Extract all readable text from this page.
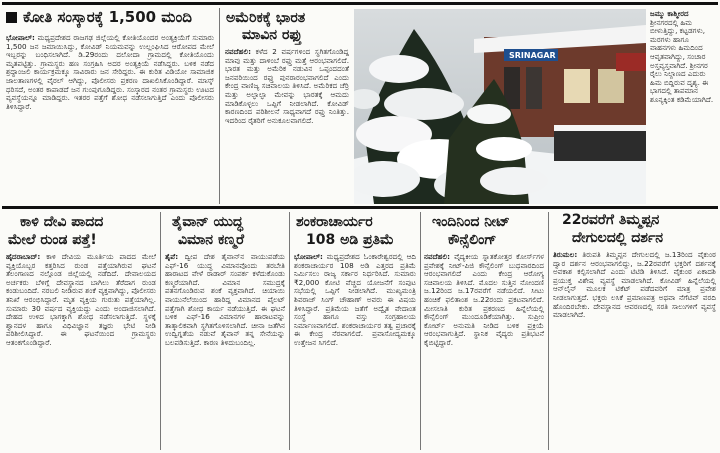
ಕೋತಿ ಸಂಸ್ಕಾರಕ್ಕೆ 1,500 ಮಂದಿ
ಭೋಪಾಲ್: ಮಧ್ಯಪ್ರದೇಶದ ರಾಜಗಢ ಜಿಲ್ಲೆಯಲ್ಲಿ ಕೋತಿಯೊಂದರ ಅಂತ್ಯಕ್ರಿಯೆಗೆ ಸುಮಾರು 1,500 ಜನ ಜಮಾಯಿಸಿದ್ದು, ಕೋವಿಡ್ ನಿಯಮವನ್ನು ಉಲ್ಲಂಘಿಸಿದ ಆರೋಪದ ಮೇಲೆ ಇಬ್ಬರನ್ನು ಬಂಧಿಸಲಾಗಿದೆ. ಡಿ.29ರಂದು ದಲೋದಾ ಗ್ರಾಮದಲ್ಲಿ ಕೋತಿಯೊಂದು ಮೃತಪಟ್ಟಿತ್ತು. ಗ್ರಾಮಸ್ಥರು ಹಣ ಸಂಗ್ರಹಿಸಿ ಅದರ ಅಂತ್ಯಕ್ರಿಯೆ ನಡೆಸಿದ್ದರು. ಬಳಿಕ ನಡೆದ ಶ್ರದ್ಧಾಂಜಲಿ ಕಾರ್ಯಕ್ರಮಕ್ಕೂ ಸಾವಿರಾರು ಜನ ಸೇರಿದ್ದರು. ಈ ಕುರಿತ ವಿಡಿಯೋ ಸಾಮಾಜಿಕ ಜಾಲತಾಣಗಳಲ್ಲಿ ವೈರಲ್ ಆಗಿದ್ದು, ಪೊಲೀಸರು ಪ್ರಕರಣ ದಾಖಲಿಸಿಕೊಂಡಿದ್ದಾರೆ. ಮಾಸ್ಕ್ ಧರಿಸದೆ, ಅಂತರ ಕಾಪಾಡದೆ ಜನ ಗುಂಪುಗೂಡಿದ್ದರು. ಸಂಸ್ಕಾರದ ನಂತರ ಗ್ರಾಮಸ್ಥರು ಊಟದ ವ್ಯವಸ್ಥೆಯನ್ನೂ ಮಾಡಿದ್ದರು. ಇತರರ ಪತ್ತೆಗೆ ಶೋಧ ನಡೆಸಲಾಗುತ್ತಿದೆ ಎಂದು ಪೊಲೀಸರು ತಿಳಿಸಿದ್ದಾರೆ.
ಅಮೆರಿಕಕ್ಕೆ ಭಾರತ
ಮಾವಿನ ರಫ್ತು
ನವದೆಹಲಿ: ಕಳೆದ 2 ವರ್ಷಗಳಿಂದ ಸ್ಥಗಿತಗೊಂಡಿದ್ದ ಮಾವು ಮತ್ತು ದಾಳಿಂಬೆ ರಫ್ತು ಮತ್ತೆ ಆರಂಭವಾಗಲಿದೆ. ಭಾರತ ಮತ್ತು ಅಮೆರಿಕ ನಡುವಿನ ಒಪ್ಪಂದದಂತೆ ಜನವರಿಯಿಂದ ರಫ್ತು ಪುನರಾರಂಭವಾಗಲಿದೆ ಎಂದು ಕೇಂದ್ರ ವಾಣಿಜ್ಯ ಸಚಿವಾಲಯ ತಿಳಿಸಿದೆ. ಅಮೆರಿಕದ ಚೆರ್ರಿ ಮತ್ತು ಅಲ್ಫಾಲ್ಫಾ ಮೇವನ್ನು ಭಾರತಕ್ಕೆ ಆಮದು ಮಾಡಿಕೊಳ್ಳಲು ಒಪ್ಪಿಗೆ ನೀಡಲಾಗಿದೆ. ಕೋವಿಡ್ ಕಾರಣದಿಂದ ಪರಿಶೀಲನೆ ಸಾಧ್ಯವಾಗದೆ ರಫ್ತು ನಿಂತಿತ್ತು. ಇದರಿಂದ ರೈತರಿಗೆ ಅನುಕೂಲವಾಗಲಿದೆ.
SRINAGAR
ಜಮ್ಮು ಕಾಶ್ಮೀರದ ಶ್ರೀನಗರದಲ್ಲಿ ಹಿಮ ಬೀಳುತ್ತಿದ್ದು, ಕಟ್ಟಡಗಳು, ಮರಗಳು ಹಾಗೂ ವಾಹನಗಳು ಹಿಮದಿಂದ ಆವೃತವಾಗಿದ್ದು, ಸಂಚಾರ ಅಸ್ತವ್ಯಸ್ತವಾಗಿದೆ. ಶ್ರೀನಗರ ರೈಲು ನಿಲ್ದಾಣದ ಎದುರು ಹಿಮ ಬಿದ್ದಿರುವ ದೃಶ್ಯ. ಈ ಭಾಗದಲ್ಲಿ ತಾಪಮಾನ ಶೂನ್ಯಕ್ಕಿಂತ ಕಡಿಮೆಯಾಗಿದೆ.
ಕಾಳಿ ದೇವಿ ಪಾದದ
ಮೇಲೆ ರುಂಡ ಪತ್ತೆ!
ಹೈದರಾಬಾದ್: ಕಾಳಿ ದೇವಿಯ ಮೂರ್ತಿಯ ಪಾದದ ಮೇಲೆ ವ್ಯಕ್ತಿಯೊಬ್ಬರ ಕತ್ತರಿಸಿದ ರುಂಡ ಪತ್ತೆಯಾಗಿರುವ ಘಟನೆ ತೆಲಂಗಾಣದ ನಲ್ಗೊಂಡ ಜಿಲ್ಲೆಯಲ್ಲಿ ನಡೆದಿದೆ. ದೇವಾಲಯದ ಅರ್ಚಕರು ಬೆಳಿಗ್ಗೆ ದೇವಸ್ಥಾನದ ಬಾಗಿಲು ತೆರೆದಾಗ ರುಂಡ ಕಂಡುಬಂದಿದೆ. ನರಬಲಿ ನೀಡಿರುವ ಶಂಕೆ ವ್ಯಕ್ತವಾಗಿದ್ದು, ಪೊಲೀಸರು ತನಿಖೆ ಆರಂಭಿಸಿದ್ದಾರೆ. ಮೃತ ವ್ಯಕ್ತಿಯ ಗುರುತು ಪತ್ತೆಯಾಗಿಲ್ಲ. ಸುಮಾರು 30 ವರ್ಷದ ವ್ಯಕ್ತಿಯದ್ದು ಎಂದು ಅಂದಾಜಿಸಲಾಗಿದೆ. ದೇಹದ ಉಳಿದ ಭಾಗಕ್ಕಾಗಿ ಶೋಧ ನಡೆಸಲಾಗುತ್ತಿದೆ. ಸ್ಥಳಕ್ಕೆ ಶ್ವಾನದಳ ಹಾಗೂ ವಿಧಿವಿಜ್ಞಾನ ತಜ್ಞರು ಭೇಟಿ ನೀಡಿ ಪರಿಶೀಲಿಸಿದ್ದಾರೆ. ಈ ಘಟನೆಯಿಂದ ಗ್ರಾಮಸ್ಥರು ಆತಂಕಗೊಂಡಿದ್ದಾರೆ.
ತೈವಾನ್ ಯುದ್ಧ
ವಿಮಾನ ಕಣ್ಮರೆ
ತೈಪೆ: ದ್ವೀಪ ದೇಶ ತೈವಾನ್‌ನ ವಾಯುಪಡೆಯ ಎಫ್-16 ಯುದ್ಧ ವಿಮಾನವೊಂದು ತರಬೇತಿ ಹಾರಾಟದ ವೇಳೆ ರಾಡಾರ್ ಸಂಪರ್ಕ ಕಳೆದುಕೊಂಡು ಕಣ್ಮರೆಯಾಗಿದೆ. ವಿಮಾನ ಸಮುದ್ರಕ್ಕೆ ಪತನಗೊಂಡಿರುವ ಶಂಕೆ ವ್ಯಕ್ತವಾಗಿದೆ. ಚಿಯಾಯಿ ವಾಯುನೆಲೆಯಿಂದ ಹಾರಿದ್ದ ವಿಮಾನದ ಪೈಲಟ್ ಪತ್ತೆಗಾಗಿ ಶೋಧ ಕಾರ್ಯ ನಡೆಯುತ್ತಿದೆ. ಈ ಘಟನೆ ಬಳಿಕ ಎಫ್-16 ವಿಮಾನಗಳ ಹಾರಾಟವನ್ನು ತಾತ್ಕಾಲಿಕವಾಗಿ ಸ್ಥಗಿತಗೊಳಿಸಲಾಗಿದೆ. ಚೀನಾ ಜತೆಗಿನ ಉದ್ವಿಗ್ನತೆಯ ನಡುವೆ ತೈವಾನ್ ತನ್ನ ಸೇನೆಯನ್ನು ಬಲಪಡಿಸುತ್ತಿದೆ. ಕಾರಣ ತಿಳಿದುಬಂದಿಲ್ಲ.
ಶಂಕರಾಚಾರ್ಯರ
108 ಅಡಿ ಪ್ರತಿಮೆ
ಭೋಪಾಲ್: ಮಧ್ಯಪ್ರದೇಶದ ಓಂಕಾರೇಶ್ವರದಲ್ಲಿ ಆದಿ ಶಂಕರಾಚಾರ್ಯರ 108 ಅಡಿ ಎತ್ತರದ ಪ್ರತಿಮೆ ನಿರ್ಮಿಸಲು ರಾಜ್ಯ ಸರ್ಕಾರ ನಿರ್ಧರಿಸಿದೆ. ಸುಮಾರು ₹2,000 ಕೋಟಿ ವೆಚ್ಚದ ಯೋಜನೆಗೆ ಸಂಪುಟ ಸಭೆಯಲ್ಲಿ ಒಪ್ಪಿಗೆ ನೀಡಲಾಗಿದೆ. ಮುಖ್ಯಮಂತ್ರಿ ಶಿವರಾಜ್ ಸಿಂಗ್ ಚೌಹಾಣ್ ಅವರು ಈ ವಿಷಯ ತಿಳಿಸಿದ್ದಾರೆ. ಪ್ರತಿಮೆಯ ಜತೆಗೆ ಅದ್ವೈತ ವೇದಾಂತ ಸಂಸ್ಥೆ ಹಾಗೂ ವಸ್ತು ಸಂಗ್ರಹಾಲಯ ನಿರ್ಮಾಣವಾಗಲಿದೆ. ಶಂಕರಾಚಾರ್ಯರ ತತ್ವ ಪ್ರಚಾರಕ್ಕೆ ಈ ಕೇಂದ್ರ ನೆರವಾಗಲಿದೆ. ಪ್ರವಾಸೋದ್ಯಮಕ್ಕೂ ಉತ್ತೇಜನ ಸಿಗಲಿದೆ.
ಇಂದಿನಿಂದ ನೀಟ್
ಕೌನ್ಸೆಲಿಂಗ್
ನವದೆಹಲಿ: ವೈದ್ಯಕೀಯ ಸ್ನಾತಕೋತ್ತರ ಕೋರ್ಸ್‌ಗಳ ಪ್ರವೇಶಕ್ಕೆ ನೀಟ್-ಪಿಜಿ ಕೌನ್ಸೆಲಿಂಗ್ ಬುಧವಾರದಿಂದ ಆರಂಭವಾಗಲಿದೆ ಎಂದು ಕೇಂದ್ರ ಆರೋಗ್ಯ ಸಚಿವಾಲಯ ತಿಳಿಸಿದೆ. ಮೊದಲ ಸುತ್ತಿನ ನೋಂದಣಿ ಜ.12ರಿಂದ ಜ.17ರವರೆಗೆ ನಡೆಯಲಿದೆ. ಸೀಟು ಹಂಚಿಕೆ ಫಲಿತಾಂಶ ಜ.22ರಂದು ಪ್ರಕಟವಾಗಲಿದೆ. ಮೀಸಲಾತಿ ಕುರಿತ ಪ್ರಕರಣದ ಹಿನ್ನೆಲೆಯಲ್ಲಿ ಕೌನ್ಸೆಲಿಂಗ್ ಮುಂದೂಡಿಕೆಯಾಗಿತ್ತು. ಸುಪ್ರೀಂ ಕೋರ್ಟ್ ಅನುಮತಿ ನೀಡಿದ ಬಳಿಕ ಪ್ರಕ್ರಿಯೆ ಆರಂಭವಾಗುತ್ತಿದೆ. ಸ್ಥಾನಿಕ ವೈದ್ಯರು ಪ್ರತಿಭಟನೆ ಕೈಬಿಟ್ಟಿದ್ದಾರೆ.
22ರವರೆಗೆ ತಿಮ್ಮಪ್ಪನ
ದೇಗುಲದಲ್ಲಿ ದರ್ಶನ
ತಿರುಮಲ: ತಿರುಪತಿ ತಿಮ್ಮಪ್ಪನ ದೇಗುಲದಲ್ಲಿ ಜ.13ರಿಂದ ವೈಕುಂಠ ದ್ವಾರ ದರ್ಶನ ಆರಂಭವಾಗಲಿದ್ದು, ಜ.22ರವರೆಗೆ ಭಕ್ತರಿಗೆ ದರ್ಶನಕ್ಕೆ ಅವಕಾಶ ಕಲ್ಪಿಸಲಾಗಿದೆ ಎಂದು ಟಿಟಿಡಿ ತಿಳಿಸಿದೆ. ವೈಕುಂಠ ಏಕಾದಶಿ ಪ್ರಯುಕ್ತ ವಿಶೇಷ ವ್ಯವಸ್ಥೆ ಮಾಡಲಾಗಿದೆ. ಕೋವಿಡ್ ಹಿನ್ನೆಲೆಯಲ್ಲಿ ಆನ್‌ಲೈನ್ ಮೂಲಕ ಟಿಕೆಟ್ ಪಡೆದವರಿಗೆ ಮಾತ್ರ ಪ್ರವೇಶ ನೀಡಲಾಗುತ್ತದೆ. ಭಕ್ತರು ಲಸಿಕೆ ಪ್ರಮಾಣಪತ್ರ ಅಥವಾ ನೆಗೆಟಿವ್ ವರದಿ ಹೊಂದಿರಬೇಕು. ದೇವಸ್ಥಾನದ ಆವರಣದಲ್ಲಿ ಸರತಿ ಸಾಲುಗಳಿಗೆ ವ್ಯವಸ್ಥೆ ಮಾಡಲಾಗಿದೆ.
